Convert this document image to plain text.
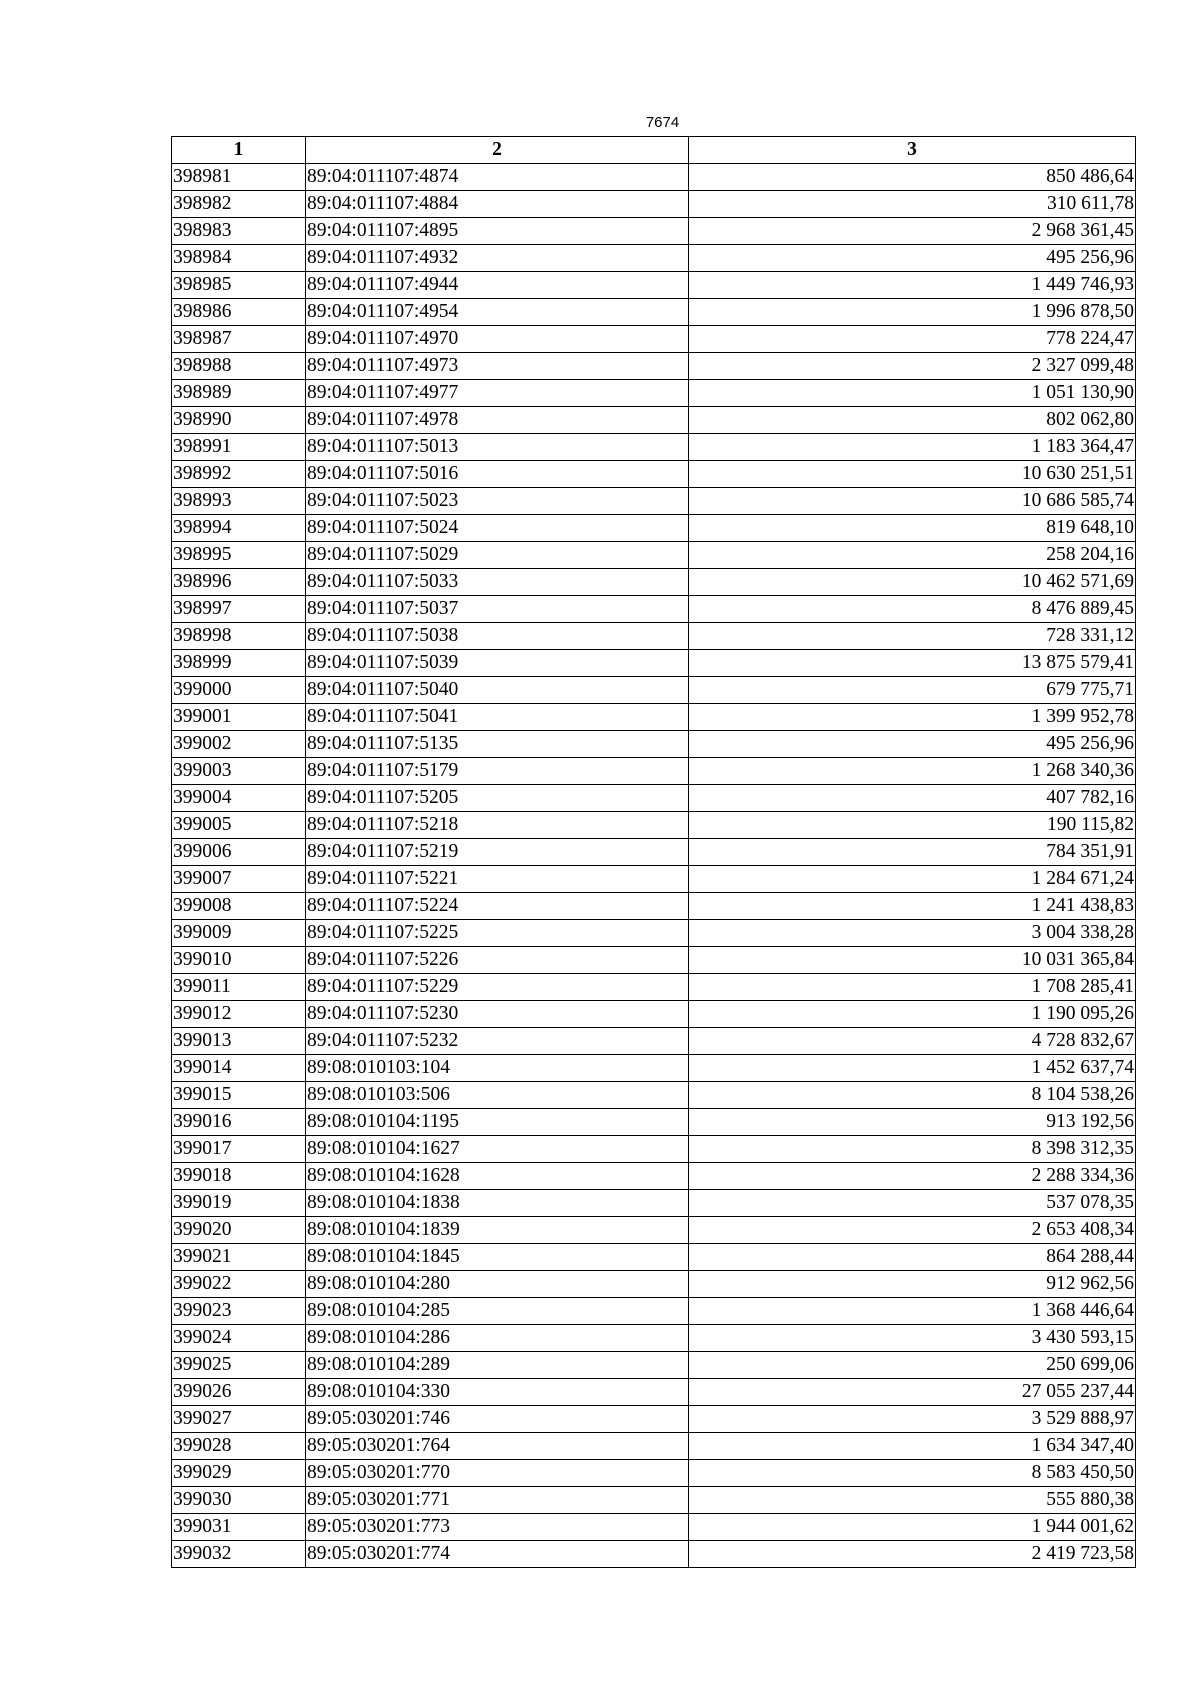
7674
1	2	3
398981	89:04:011107:4874	850 486,64
398982	89:04:011107:4884	310 611,78
398983	89:04:011107:4895	2 968 361,45
398984	89:04:011107:4932	495 256,96
398985	89:04:011107:4944	1 449 746,93
398986	89:04:011107:4954	1 996 878,50
398987	89:04:011107:4970	778 224,47
398988	89:04:011107:4973	2 327 099,48
398989	89:04:011107:4977	1 051 130,90
398990	89:04:011107:4978	802 062,80
398991	89:04:011107:5013	1 183 364,47
398992	89:04:011107:5016	10 630 251,51
398993	89:04:011107:5023	10 686 585,74
398994	89:04:011107:5024	819 648,10
398995	89:04:011107:5029	258 204,16
398996	89:04:011107:5033	10 462 571,69
398997	89:04:011107:5037	8 476 889,45
398998	89:04:011107:5038	728 331,12
398999	89:04:011107:5039	13 875 579,41
399000	89:04:011107:5040	679 775,71
399001	89:04:011107:5041	1 399 952,78
399002	89:04:011107:5135	495 256,96
399003	89:04:011107:5179	1 268 340,36
399004	89:04:011107:5205	407 782,16
399005	89:04:011107:5218	190 115,82
399006	89:04:011107:5219	784 351,91
399007	89:04:011107:5221	1 284 671,24
399008	89:04:011107:5224	1 241 438,83
399009	89:04:011107:5225	3 004 338,28
399010	89:04:011107:5226	10 031 365,84
399011	89:04:011107:5229	1 708 285,41
399012	89:04:011107:5230	1 190 095,26
399013	89:04:011107:5232	4 728 832,67
399014	89:08:010103:104	1 452 637,74
399015	89:08:010103:506	8 104 538,26
399016	89:08:010104:1195	913 192,56
399017	89:08:010104:1627	8 398 312,35
399018	89:08:010104:1628	2 288 334,36
399019	89:08:010104:1838	537 078,35
399020	89:08:010104:1839	2 653 408,34
399021	89:08:010104:1845	864 288,44
399022	89:08:010104:280	912 962,56
399023	89:08:010104:285	1 368 446,64
399024	89:08:010104:286	3 430 593,15
399025	89:08:010104:289	250 699,06
399026	89:08:010104:330	27 055 237,44
399027	89:05:030201:746	3 529 888,97
399028	89:05:030201:764	1 634 347,40
399029	89:05:030201:770	8 583 450,50
399030	89:05:030201:771	555 880,38
399031	89:05:030201:773	1 944 001,62
399032	89:05:030201:774	2 419 723,58
